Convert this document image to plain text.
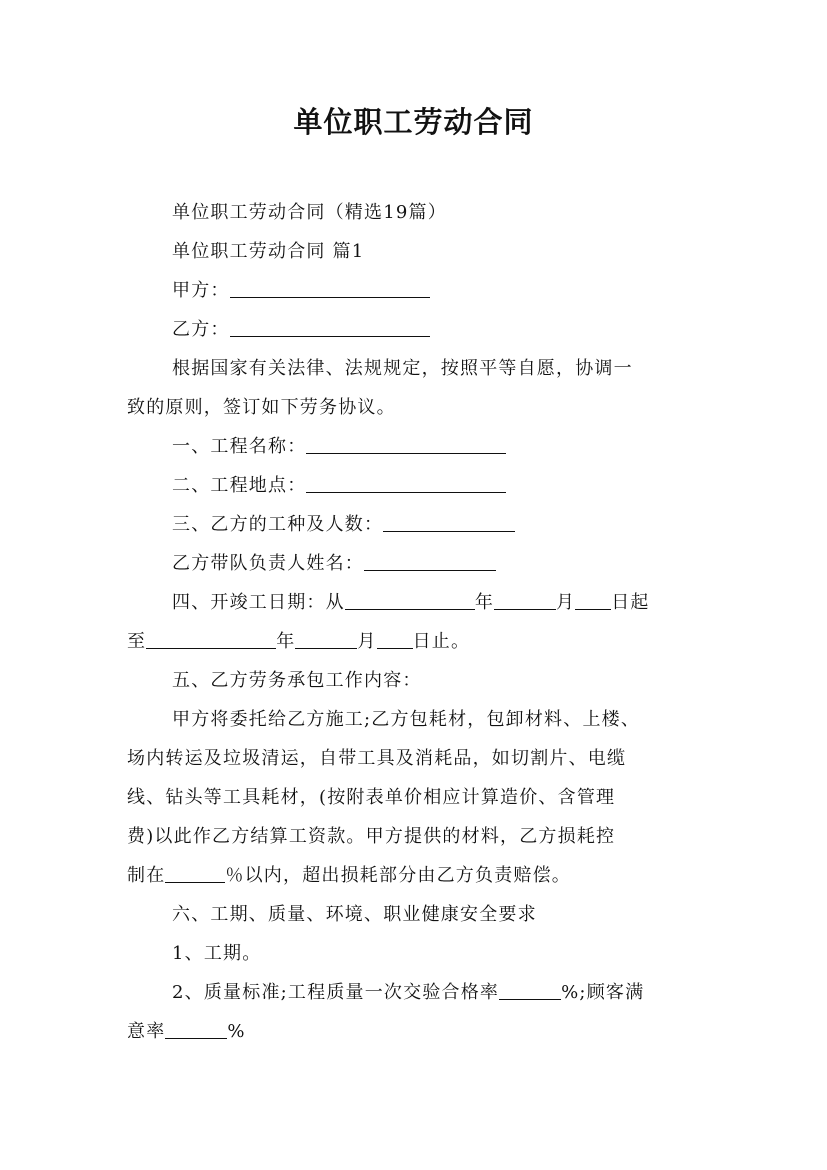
单位职工劳动合同
单位职工劳动合同（精选19篇）
单位职工劳动合同 篇1
甲方：
乙方：
根据国家有关法律、法规规定，按照平等自愿，协调一
致的原则，签订如下劳务协议。
一、工程名称：
二、工程地点：
三、乙方的工种及人数：
乙方带队负责人姓名：
四、开竣工日期：从	年	月 日起
至	年	月 日止。
五、乙方劳务承包工作内容：
甲方将委托给乙方施工;乙方包耗材，包卸材料、上楼、
场内转运及垃圾清运，自带工具及消耗品，如切割片、电缆
线、钻头等工具耗材，(按附表单价相应计算造价、含管理
费)以此作乙方结算工资款。甲方提供的材料，乙方损耗控
制在	％以内，超出损耗部分由乙方负责赔偿。
六、工期、质量、环境、职业健康安全要求
1、工期。
2、质量标准;工程质量一次交验合格率	%;顾客满
意率	%
